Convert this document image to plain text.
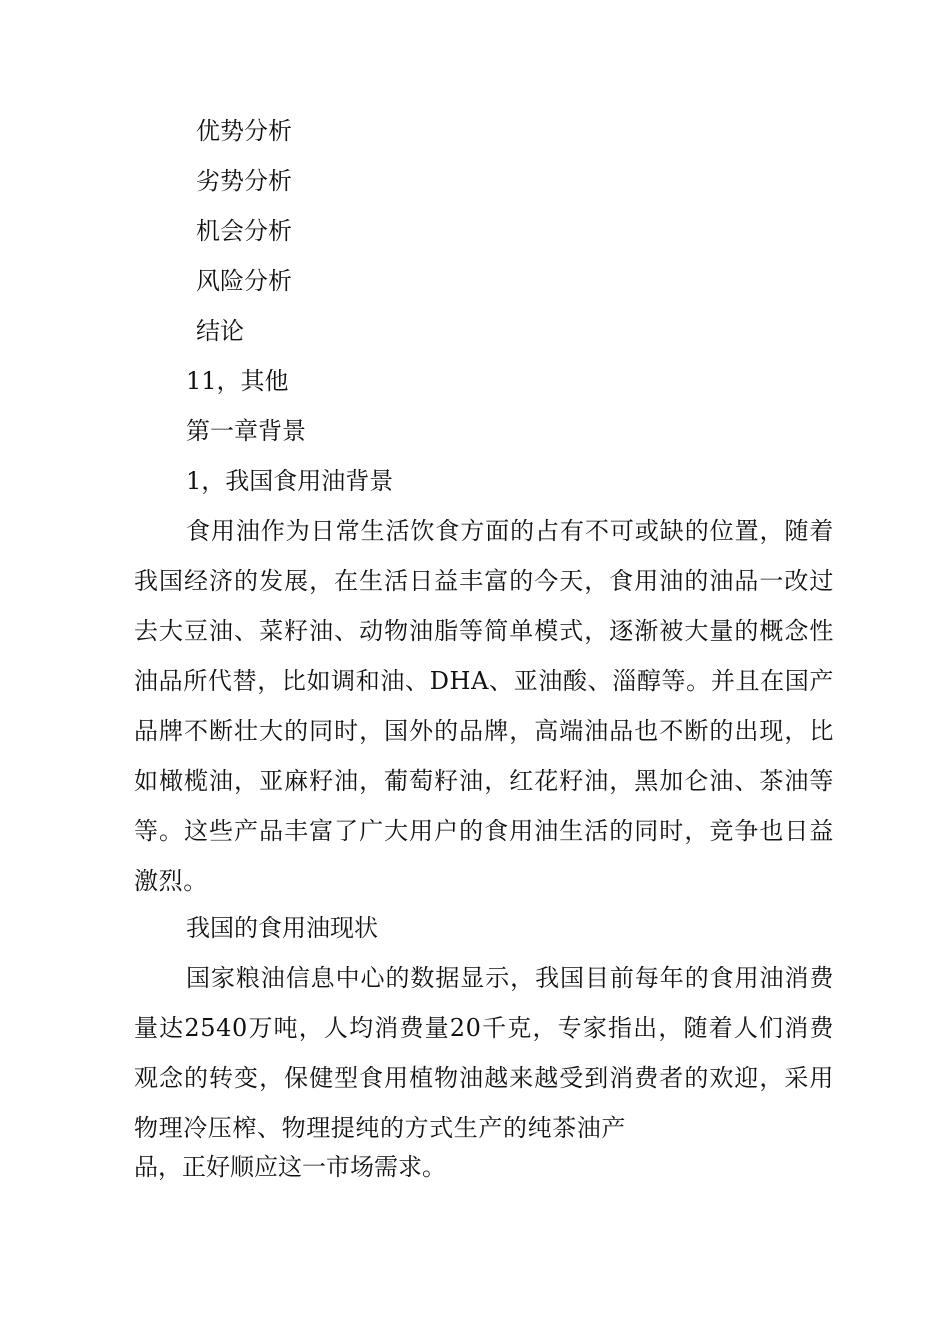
优势分析

劣势分析

机会分析

风险分析

结论

11，其他

第一章背景

1，我国食用油背景

食用油作为日常生活饮食方面的占有不可或缺的位置，随着我国经济的发展，在生活日益丰富的今天，食用油的油品一改过去大豆油、菜籽油、动物油脂等简单模式，逐渐被大量的概念性油品所代替，比如调和油、DHA、亚油酸、淄醇等。并且在国产品牌不断壮大的同时，国外的品牌，高端油品也不断的出现，比如橄榄油，亚麻籽油，葡萄籽油，红花籽油，黑加仑油、茶油等等。这些产品丰富了广大用户的食用油生活的同时，竞争也日益激烈。

我国的食用油现状

国家粮油信息中心的数据显示，我国目前每年的食用油消费量达2540万吨，人均消费量20千克，专家指出，随着人们消费观念的转变，保健型食用植物油越来越受到消费者的欢迎，采用物理冷压榨、物理提纯的方式生产的纯茶油产

品，正好顺应这一市场需求。
